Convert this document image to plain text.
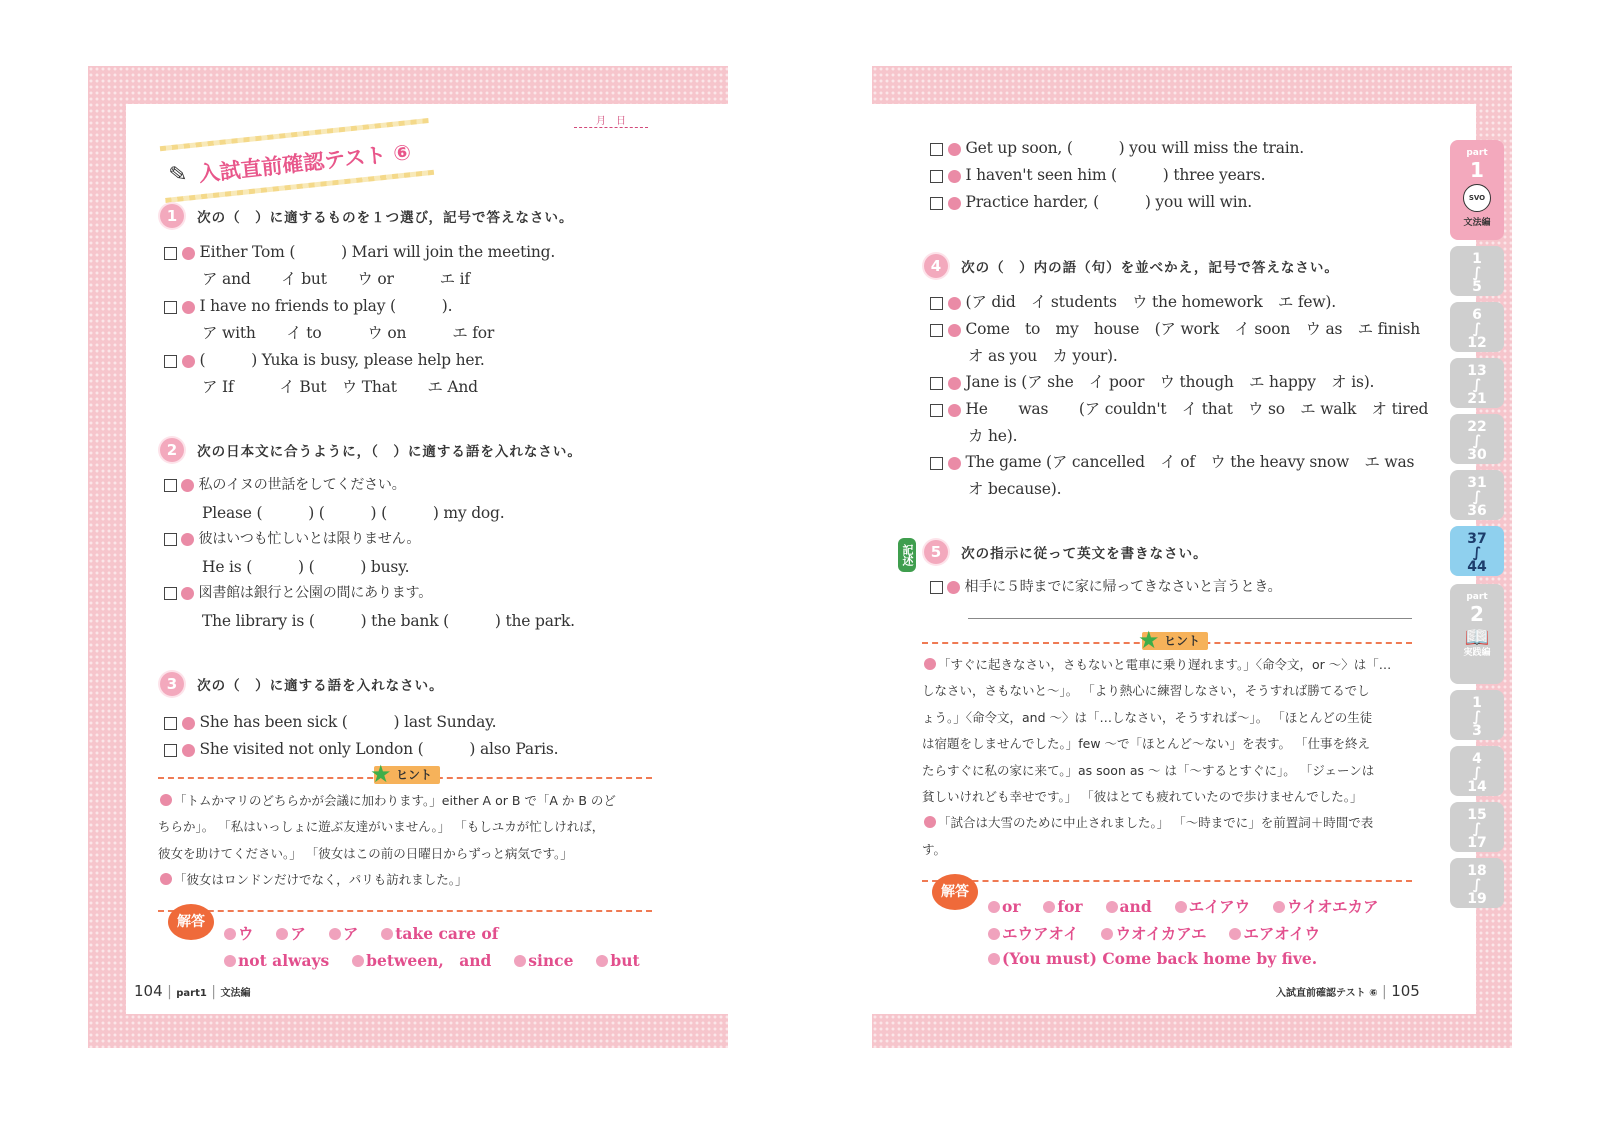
✎ 入試直前確認テスト ⑥
月　日
1 次の（　）に適するものを１つ選び，記号で答えなさい。
Either Tom (　　　) Mari will join the meeting.
ア and　　イ but　　ウ or　　　エ if
I have no friends to play (　　　).
ア with　　イ to　　　ウ on　　　エ for
(　　　) Yuka is busy, please help her.
ア If　　　イ But　ウ That　　エ And
2 次の日本文に合うように，（　）に適する語を入れなさい。
私のイヌの世話をしてください。
Please (　　　) (　　　) (　　　) my dog.
彼はいつも忙しいとは限りません。
He is (　　　) (　　　) busy.
図書館は銀行と公園の間にあります。
The library is (　　　) the bank (　　　) the park.
3 次の（　）に適する語を入れなさい。
She has been sick (　　　) last Sunday.
She visited not only London (　　　) also Paris.
★ ヒント
「トムかマリのどちらかが会議に加わります。」either A or B で「A か B のど
ちらか」。 「私はいっしょに遊ぶ友達がいません。」 「もしユカが忙しければ，
彼女を助けてください。」 「彼女はこの前の日曜日からずっと病気です。」
「彼女はロンドンだけでなく，パリも訪れました。」
解答
ウ　 ア　 ア　 take care of
not always　 between,　and　 since　 but
104 | part1 | 文法編
Get up soon, (　　　) you will miss the train.
I haven't seen him (　　　) three years.
Practice harder, (　　　) you will win.
4 次の（　）内の語（句）を並べかえ，記号で答えなさい。
(ア did　イ students　ウ the homework　エ few).
Come　to　my　house　(ア work　イ soon　ウ as　エ finish
オ as you　カ your).
Jane is (ア she　イ poor　ウ though　エ happy　オ is).
He　　was　　(ア couldn't　イ that　ウ so　エ walk　オ tired
カ he).
The game (ア cancelled　イ of　ウ the heavy snow　エ was
オ because).
記述	5 次の指示に従って英文を書きなさい。
相手に５時までに家に帰ってきなさいと言うとき。
★ ヒント
「すぐに起きなさい，さもないと電車に乗り遅れます。」〈命令文，or ～〉は「…
しなさい，さもないと～」。 「より熱心に練習しなさい，そうすれば勝てるでし
ょう。」〈命令文，and ～〉は「…しなさい，そうすれば～」。 「ほとんどの生徒
は宿題をしませんでした。」few ～で「ほとんど～ない」を表す。 「仕事を終え
たらすぐに私の家に来て。」as soon as ～ は「～するとすぐに」。 「ジェーンは
貧しいけれども幸せです。」 「彼はとても疲れていたので歩けませんでした。」
「試合は大雪のために中止されました。」 「～時までに」を前置詞＋時間で表
す。
解答
or　 for　 and　 エイアウ　 ウイオエカア
エウアオイ　 ウオイカアエ　 エアオイウ
(You must) Come back home by five.
入試直前確認テスト ⑥ | 105
part
1
SVO
文法編
1
∫
5
6
∫
12
13
∫
21
22
∫
30
31
∫
36
37
∫
44
part
2
📖
実践編
1
∫
3
4
∫
14
15
∫
17
18
∫
19
